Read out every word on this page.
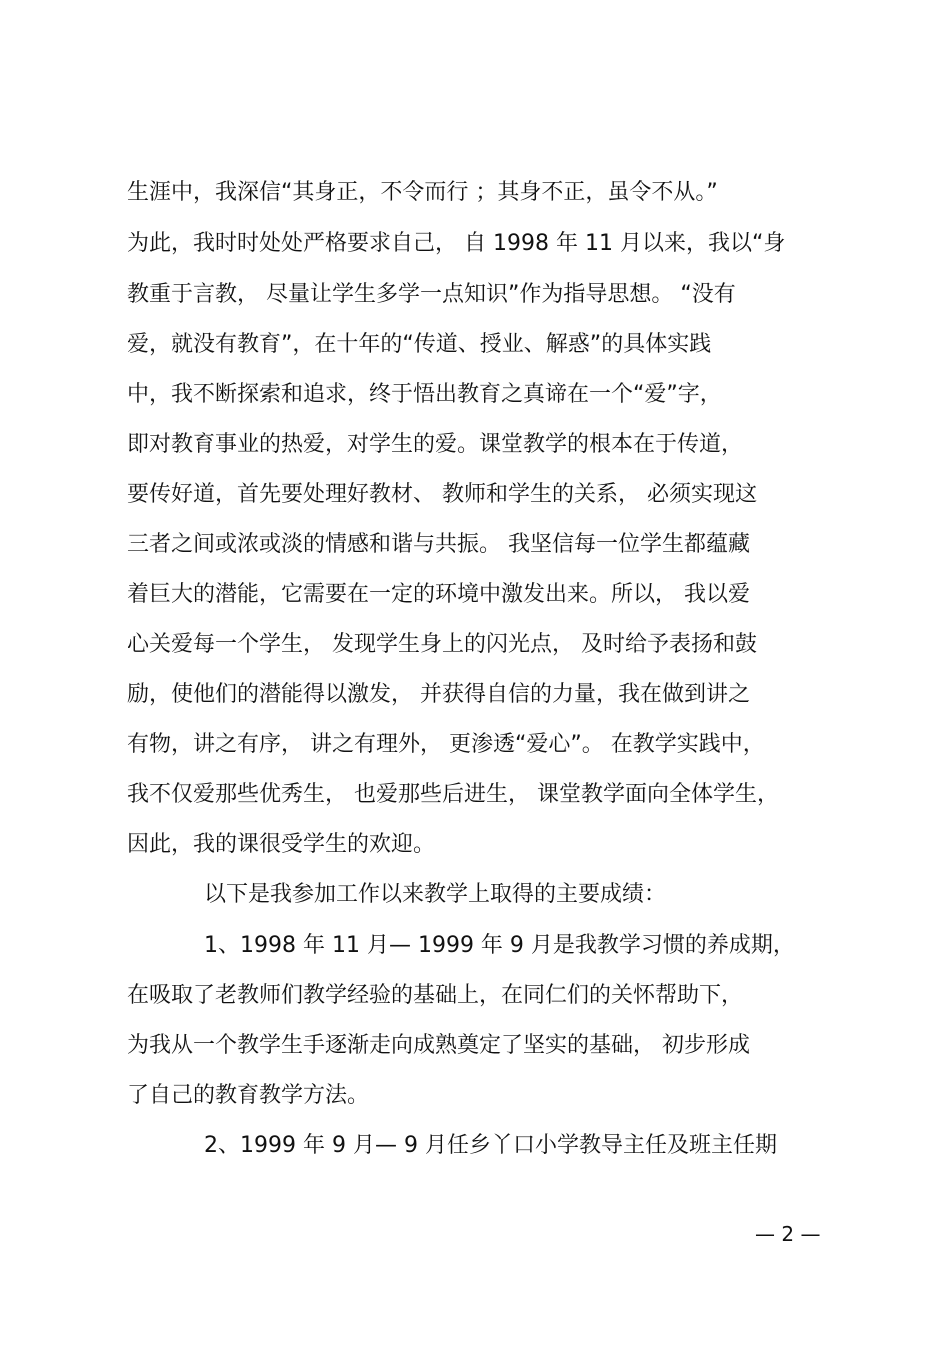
生涯中，我深信“其身正，不令而行 ；其身不正，虽令不从。”
为此，我时时处处严格要求自己， 自 1998 年 11 月以来，我以“身
教重于言教， 尽量让学生多学一点知识”作为指导思想。 “没有
爱，就没有教育”，在十年的“传道、授业、解惑”的具体实践
中，我不断探索和追求，终于悟出教育之真谛在一个“爱”字，
即对教育事业的热爱，对学生的爱。课堂教学的根本在于传道，
要传好道，首先要处理好教材、 教师和学生的关系， 必须实现这
三者之间或浓或淡的情感和谐与共振。 我坚信每一位学生都蕴藏
着巨大的潜能，它需要在一定的环境中激发出来。所以， 我以爱
心关爱每一个学生， 发现学生身上的闪光点， 及时给予表扬和鼓
励，使他们的潜能得以激发， 并获得自信的力量，我在做到讲之
有物，讲之有序， 讲之有理外， 更渗透“爱心”。 在教学实践中，
我不仅爱那些优秀生， 也爱那些后进生， 课堂教学面向全体学生，
因此，我的课很受学生的欢迎。
以下是我参加工作以来教学上取得的主要成绩：
1、1998 年 11 月— 1999 年 9 月是我教学习惯的养成期，
在吸取了老教师们教学经验的基础上，在同仁们的关怀帮助下，
为我从一个教学生手逐渐走向成熟奠定了坚实的基础， 初步形成
了自己的教育教学方法。
2、1999 年 9 月— 9 月任乡丫口小学教导主任及班主任期
— 2 —
